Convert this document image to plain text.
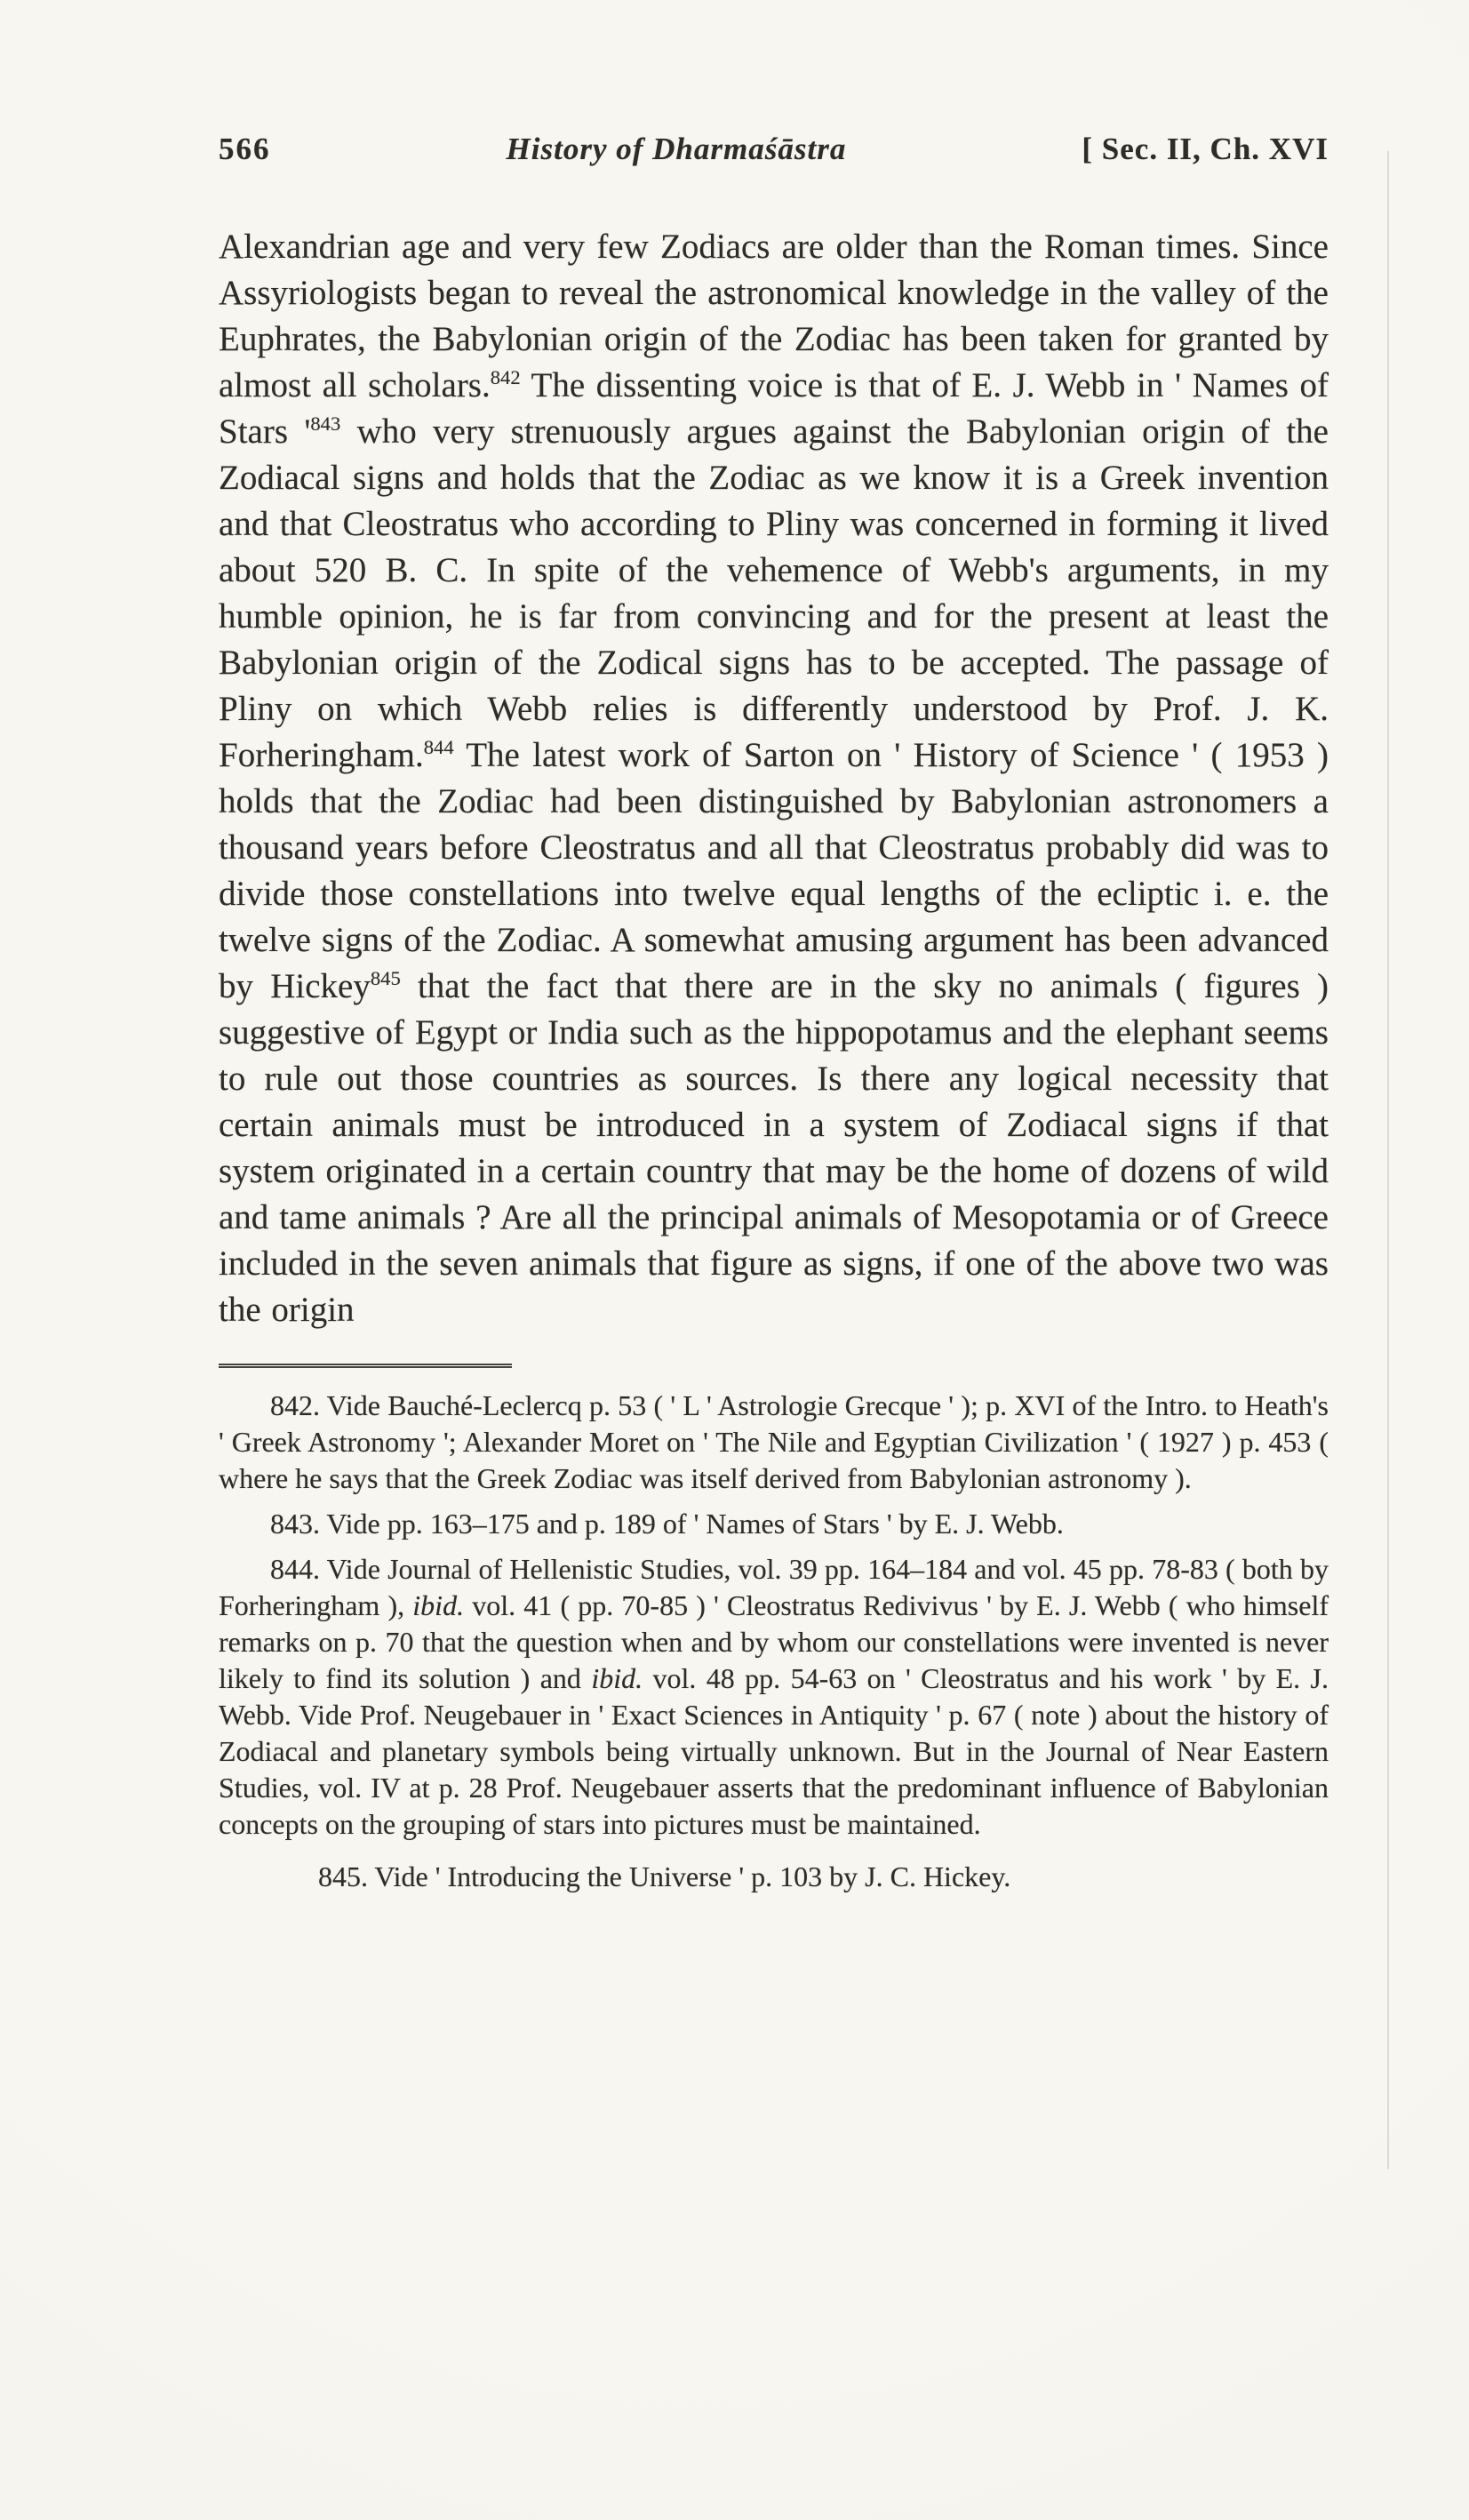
566	History of Dharmaśāstra	[ Sec. II, Ch. XVI

Alexandrian age and very few Zodiacs are older than the Roman times. Since Assyriologists began to reveal the astronomical knowledge in the valley of the Euphrates, the Babylonian origin of the Zodiac has been taken for granted by almost all scholars.$^{842}$ The dissenting voice is that of E. J. Webb in ' Names of Stars '$^{843}$ who very strenuously argues against the Babylonian origin of the Zodiacal signs and holds that the Zodiac as we know it is a Greek invention and that Cleostratus who according to Pliny was concerned in forming it lived about 520 B. C. In spite of the vehemence of Webb's arguments, in my humble opinion, he is far from convincing and for the present at least the Babylonian origin of the Zodical signs has to be accepted. The passage of Pliny on which Webb relies is differently understood by Prof. J. K. Forheringham.$^{844}$ The latest work of Sarton on ' History of Science ' ( 1953 ) holds that the Zodiac had been distinguished by Babylonian astronomers a thousand years before Cleostratus and all that Cleostratus probably did was to divide those constellations into twelve equal lengths of the ecliptic i. e. the twelve signs of the Zodiac. A somewhat amusing argument has been advanced by Hickey$^{845}$ that the fact that there are in the sky no animals ( figures ) suggestive of Egypt or India such as the hippopotamus and the elephant seems to rule out those countries as sources. Is there any logical necessity that certain animals must be introduced in a system of Zodiacal signs if that system originated in a certain country that may be the home of dozens of wild and tame animals ? Are all the principal animals of Mesopotamia or of Greece included in the seven animals that figure as signs, if one of the above two was the origin

842. Vide Bauché-Leclercq p. 53 ( ' L ' Astrologie Grecque ' ); p. XVI of the Intro. to Heath's ' Greek Astronomy '; Alexander Moret on ' The Nile and Egyptian Civilization ' ( 1927 ) p. 453 ( where he says that the Greek Zodiac was itself derived from Babylonian astronomy ).

843. Vide pp. 163–175 and p. 189 of ' Names of Stars ' by E. J. Webb.

844. Vide Journal of Hellenistic Studies, vol. 39 pp. 164–184 and vol. 45 pp. 78-83 ( both by Forheringham ), ibid. vol. 41 ( pp. 70-85 ) ' Cleostratus Redivivus ' by E. J. Webb ( who himself remarks on p. 70 that the question when and by whom our constellations were invented is never likely to find its solution ) and ibid. vol. 48 pp. 54-63 on ' Cleostratus and his work ' by E. J. Webb. Vide Prof. Neugebauer in ' Exact Sciences in Antiquity ' p. 67 ( note ) about the history of Zodiacal and planetary symbols being virtually unknown. But in the Journal of Near Eastern Studies, vol. IV at p. 28 Prof. Neugebauer asserts that the predominant influence of Babylonian concepts on the grouping of stars into pictures must be maintained.

845. Vide ' Introducing the Universe ' p. 103 by J. C. Hickey.
